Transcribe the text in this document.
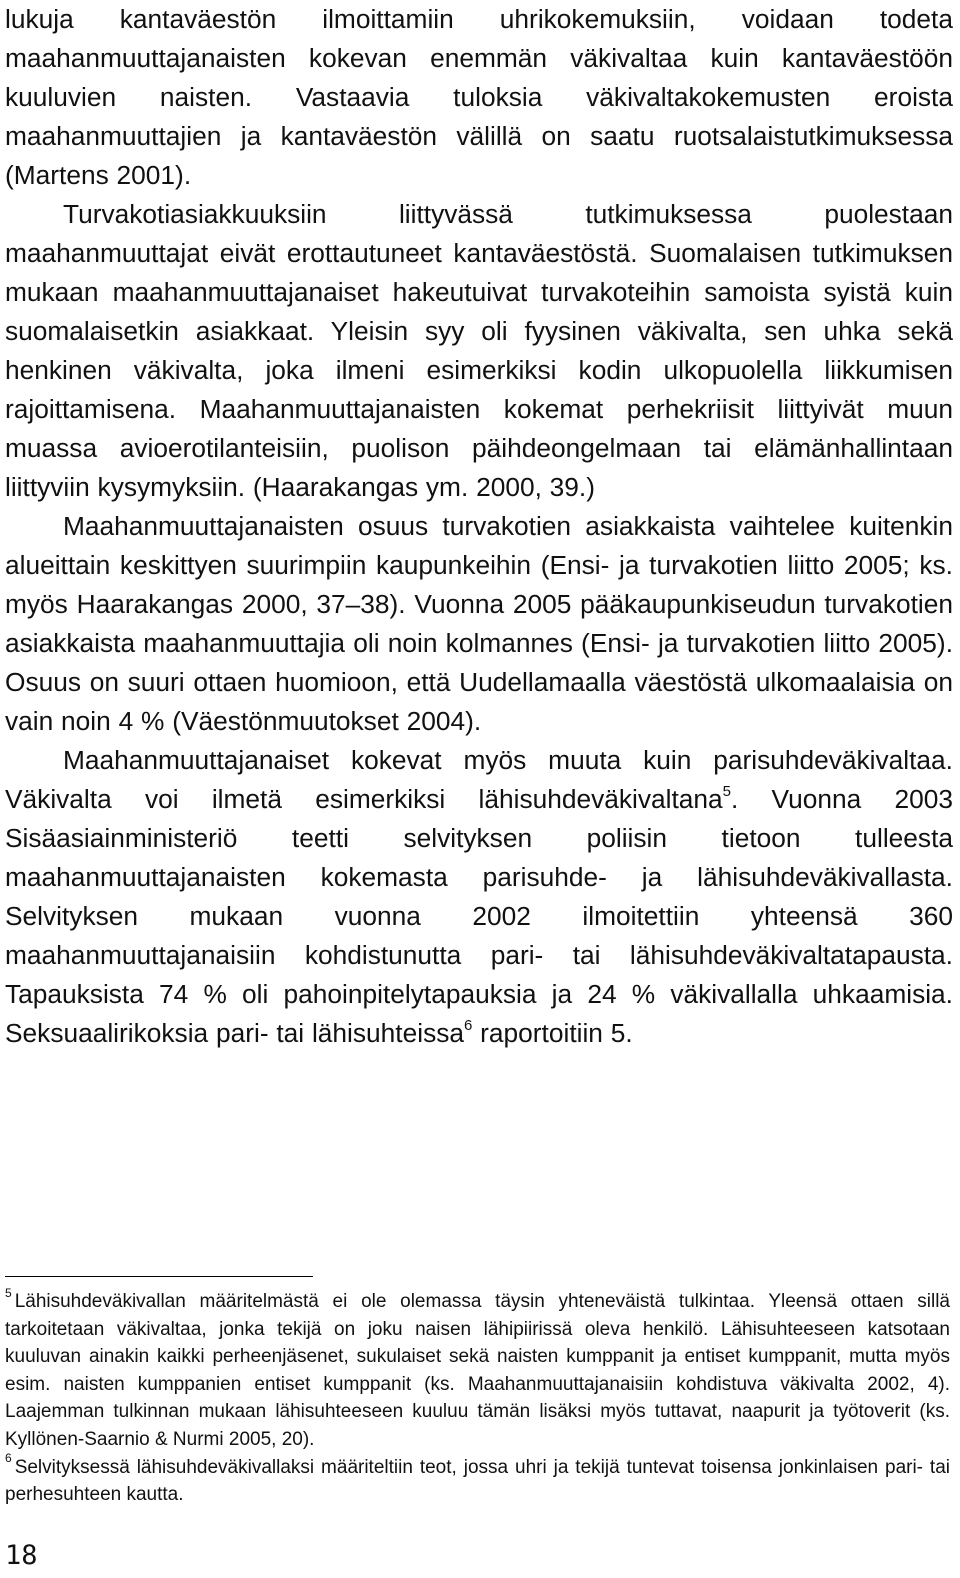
lukuja kantaväestön ilmoittamiin uhrikokemuksiin, voidaan todeta maahanmuuttajanaisten kokevan enemmän väkivaltaa kuin kantaväestöön kuuluvien naisten. Vastaavia tuloksia väkivaltakokemusten eroista maahanmuuttajien ja kantaväestön välillä on saatu ruotsalaistutkimuksessa (Martens 2001).

Turvakotiasiakkuuksiin liittyvässä tutkimuksessa puolestaan maahanmuuttajat eivät erottautuneet kantaväestöstä. Suomalaisen tutkimuksen mukaan maahanmuuttajanaiset hakeutuivat turvakoteihin samoista syistä kuin suomalaisetkin asiakkaat. Yleisin syy oli fyysinen väkivalta, sen uhka sekä henkinen väkivalta, joka ilmeni esimerkiksi kodin ulkopuolella liikkumisen rajoittamisena. Maahanmuuttajanaisten kokemat perhekriisit liittyivät muun muassa avioerotilanteisiin, puolison päihdeongelmaan tai elämänhallintaan liittyviin kysymyksiin. (Haarakangas ym. 2000, 39.)

Maahanmuuttajanaisten osuus turvakotien asiakkaista vaihtelee kuitenkin alueittain keskittyen suurimpiin kaupunkeihin (Ensi- ja turvakotien liitto 2005; ks. myös Haarakangas 2000, 37–38). Vuonna 2005 pääkaupunkiseudun turvakotien asiakkaista maahanmuuttajia oli noin kolmannes (Ensi- ja turvakotien liitto 2005). Osuus on suuri ottaen huomioon, että Uudellamaalla väestöstä ulkomaalaisia on vain noin 4 % (Väestönmuutokset 2004).

Maahanmuuttajanaiset kokevat myös muuta kuin parisuhdeväkivaltaa. Väkivalta voi ilmetä esimerkiksi lähisuhdeväkivaltana$^5$. Vuonna 2003 Sisäasiainministeriö teetti selvityksen poliisin tietoon tulleesta maahanmuuttajanaisten kokemasta parisuhde- ja lähisuhdeväkivallasta. Selvityksen mukaan vuonna 2002 ilmoitettiin yhteensä 360 maahanmuuttajanaisiin kohdistunutta pari- tai lähisuhdeväkivaltatapausta. Tapauksista 74 % oli pahoinpitelytapauksia ja 24 % väkivallalla uhkaamisia. Seksuaalirikoksia pari- tai lähisuhteissa$^6$ raportoitiin 5.

$^5$ Lähisuhdeväkivallan määritelmästä ei ole olemassa täysin yhteneväistä tulkintaa. Yleensä ottaen sillä tarkoitetaan väkivaltaa, jonka tekijä on joku naisen lähipiirissä oleva henkilö. Lähisuhteeseen katsotaan kuuluvan ainakin kaikki perheenjäsenet, sukulaiset sekä naisten kumppanit ja entiset kumppanit, mutta myös esim. naisten kumppanien entiset kumppanit (ks. Maahanmuuttajanaisiin kohdistuva väkivalta 2002, 4). Laajemman tulkinnan mukaan lähisuhteeseen kuuluu tämän lisäksi myös tuttavat, naapurit ja työtoverit (ks. Kyllönen-Saarnio & Nurmi 2005, 20).

$^6$ Selvityksessä lähisuhdeväkivallaksi määriteltiin teot, jossa uhri ja tekijä tuntevat toisensa jonkinlaisen pari- tai perhesuhteen kautta.

18
